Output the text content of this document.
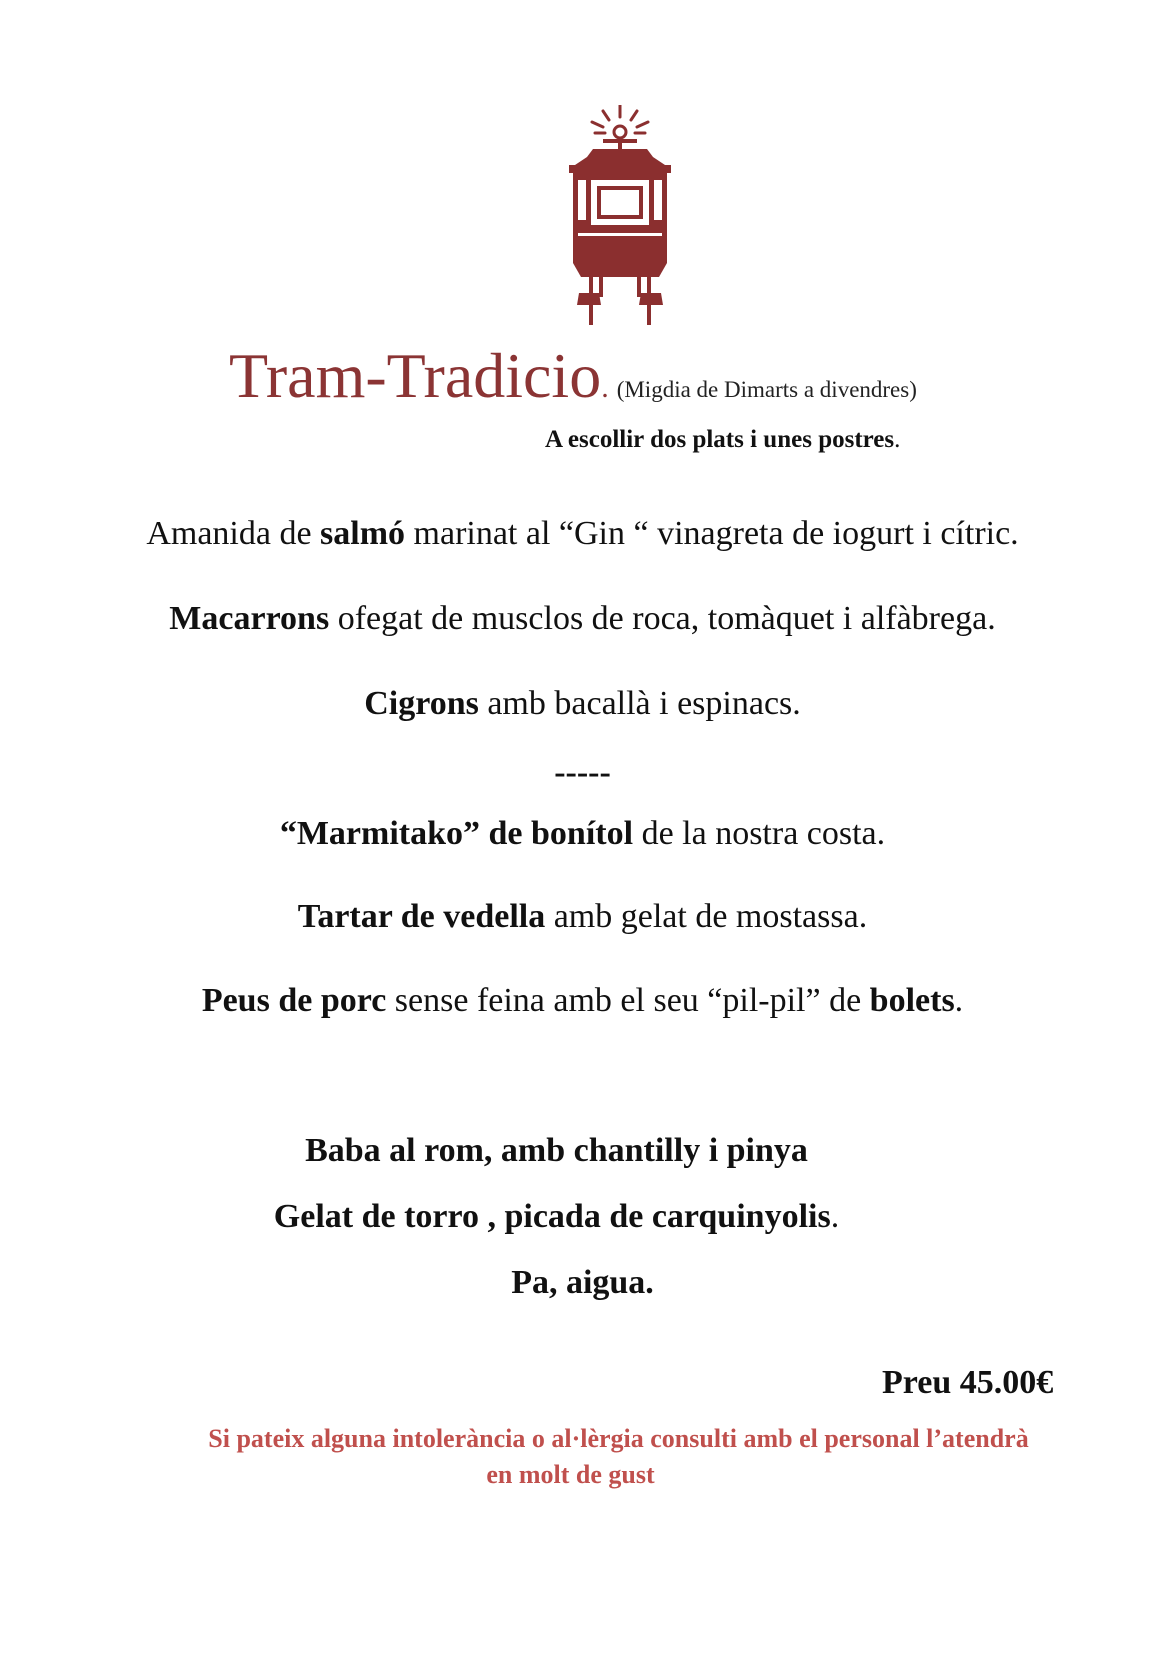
Tram-Tradicio. (Migdia de Dimarts a divendres)
A escollir dos plats i unes postres.
Amanida de salmó marinat al “Gin “ vinagreta de iogurt i cítric.
Macarrons ofegat de musclos de roca, tomàquet i alfàbrega.
Cigrons amb bacallà i espinacs.
-----
“Marmitako” de bonítol de la nostra costa.
Tartar de vedella amb gelat de mostassa.
Peus de porc sense feina amb el seu “pil-pil” de bolets.
Baba al rom, amb chantilly i pinya
Gelat de torro , picada de carquinyolis.
Pa, aigua.
Preu 45.00€
Si pateix alguna intolerància o al·lèrgia consulti amb el personal l’atendrà
en molt de gust
